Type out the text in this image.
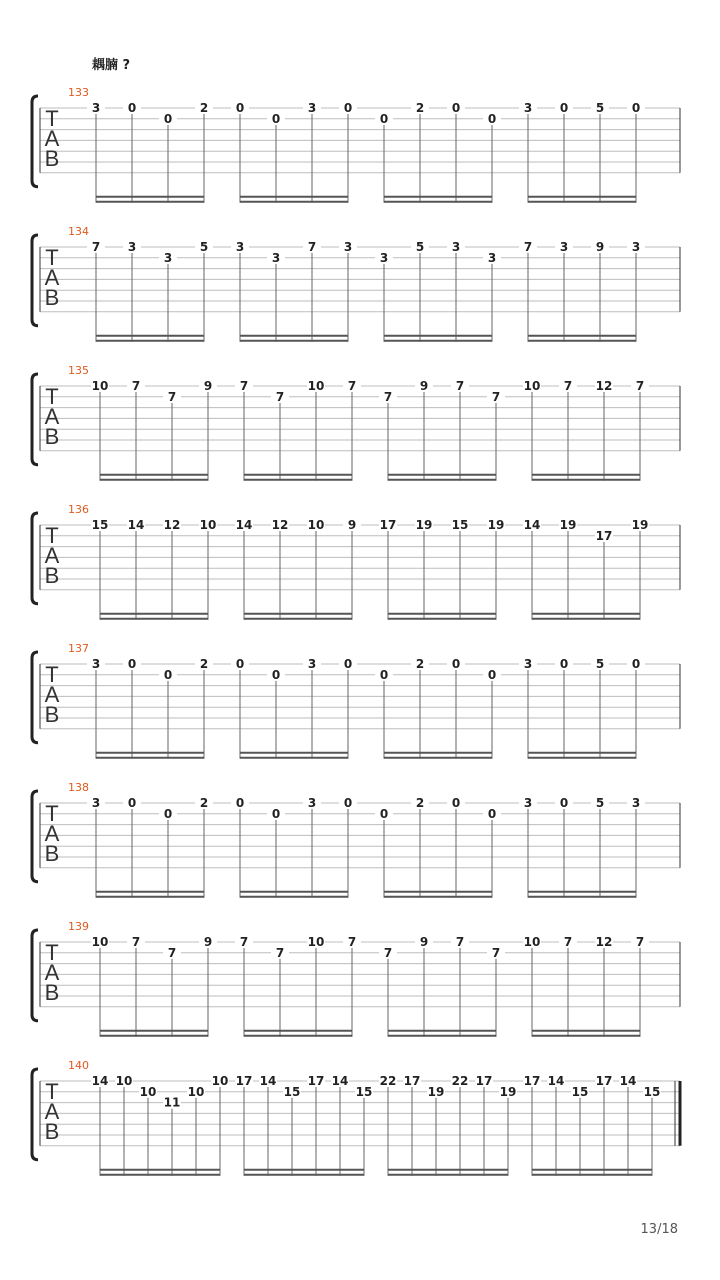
耦腩 ?
T
A
B
133
3 0
0
2 0
0
3 0
0
2 0
0
3 0 5 0
T
A
B
134
7 3
3
5 3
3
7 3
3
5 3
3
7 3 9 3
T
A
B
135
10 7
7
9 7
7
10 7
7
9 7
7
10 7 12 7
T
A
B
136
15 14 12 10 14 12 10 9 17 19 15 19 14 19
17
19
T
A
B
137
3 0
0
2 0
0
3 0
0
2 0
0
3 0 5 0
T
A
B
138
3 0
0
2 0
0
3 0
0
2 0
0
3 0 5 3
T
A
B
139
10 7
7
9 7
7
10 7
7
9 7
7
10 7 12 7
T
A
B
140
14 10
10
11
10
10 17 14
15
17 14
15
22 17
19
22 17
19
17 14
15
17 14
15
13/18
